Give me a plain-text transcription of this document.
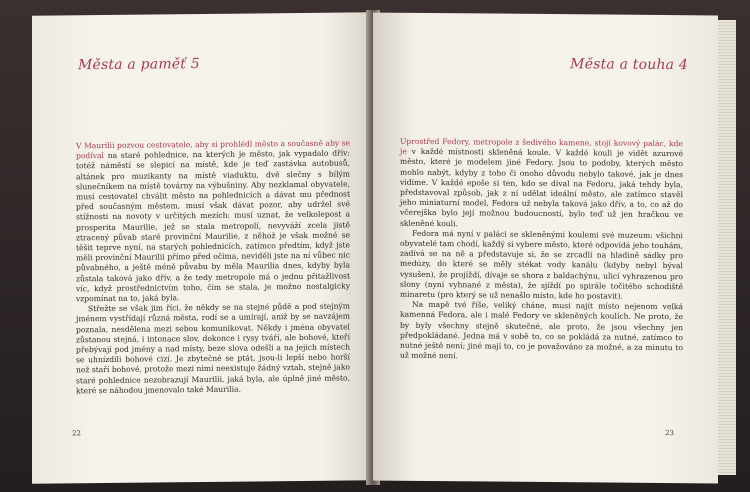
Města a paměť 5

V Maurilii pozvou cestovatele, aby si prohlédl město a současně aby se podíval na staré pohlednice, na kterých je město, jak vypadalo dřív: totéž náměstí se slepicí na místě, kde je teď zastávka autobusů, altánek pro muzikanty na místě viaduktu, dvě slečny s bílým slunečníkem na místě továrny na výbušniny. Aby nezklamal obyvatele, musí cestovatel chválit město na pohlednicích a dávat mu přednost před současným městem, musí však dávat pozor, aby udržel své stížnosti na novoty v určitých mezích: musí uznat, že velkolepost a prosperita Maurilie, jež se stala metropolí, nevyváží zcela jistě ztracený půvab staré provinční Maurilie, z něhož je však možné se těšit teprve nyní, na starých pohlednicích, zatímco předtím, když jste měli provinční Maurilii přímo před očima, neviděli jste na ní vůbec nic půvabného, a ještě méně půvabu by měla Maurilia dnes, kdyby byla zůstala taková jako dřív, a že tedy metropole má o jednu přitažlivost víc, když prostřednictvím toho, čím se stala, je možno nostalgicky vzpomínat na to, jaká byla.

Střežte se však jim říci, že někdy se na stejné půdě a pod stejným jménem vystřídají různá města, rodí se a umírají, aniž by se navzájem poznala, nesdělena mezi sebou komunikovat. Někdy i jména obyvatel zůstanou stejná, i intonace slov, dokonce i rysy tváří, ale bohové, kteří přebývají pod jmény a nad místy, beze slova odešli a na jejich místech se uhnízdili bohové cizí. Je zbytečné se ptát, jsou-li lepší nebo horší než staří bohové, protože mezi nimi neexistuje žádný vztah, stejně jako staré pohlednice nezobrazují Maurilii, jaká byla, ale úplně jiné město, které se náhodou jmenovalo také Maurilia.

22
Města a touha 4

Uprostřed Fedory, metropole z šedivého kamene, stojí kovový palác, kde je v každé místnosti skleněná koule. V každé kouli je vidět azurové město, které je modelem jiné Fedory. Jsou to podoby, kterých město mohlo nabýt, kdyby z toho či onoho důvodu nebylo takové, jak je dnes vidíme. V každé epoše si ten, kdo se díval na Fedoru, jaká tehdy byla, představoval způsob, jak z ní udělat ideální město, ale zatímco stavěl jeho miniaturní model, Fedora už nebyla taková jako dřív, a to, co až do včerejška bylo její možnou budoucností, bylo teď už jen hračkou ve skleněné kouli.

Fedora má nyní v paláci se skleněnými koulemi své muzeum: všichni obyvatelé tam chodí, každý si vybere město, které odpovídá jeho touhám, zadívá se na ně a představuje si, že se zrcadlí na hladině sádky pro medúzy, do které se měly stékat vody kanálu (kdyby nebyl býval vysušen), že projíždí, dívaje se shora z baldachýnu, ulicí vyhrazenou pro slony (nyní vyhnané z města), že sjíždí po spirále točitého schodiště minaretu (pro který se už nenašlo místo, kde ho postavit).

Na mapě tvé říše, veliký cháne, musí najít místo nejenom velká kamenná Fedora, ale i malé Fedory ve skleněných koulích. Ne proto, že by byly všechny stejně skutečné, ale proto, že jsou všechny jen předpokládané. Jedna má v sobě to, co se pokládá za nutné, zatímco to nutné ještě není; jiné mají to, co je považováno za možné, a za minutu to už možné není.

23
